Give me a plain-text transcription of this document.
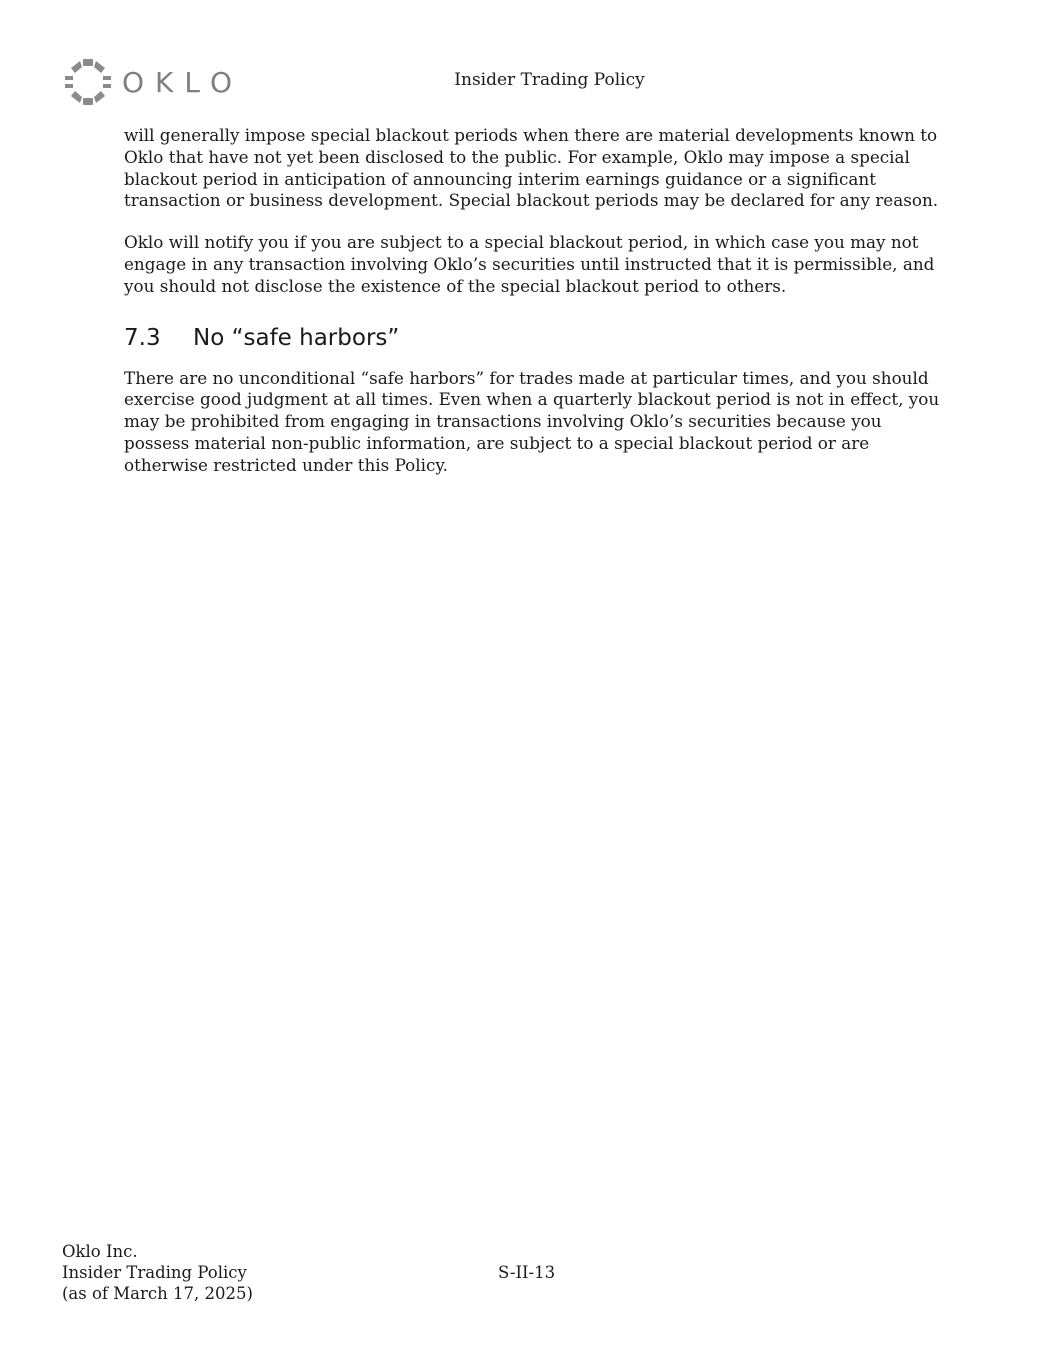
OKLO	Insider Trading Policy

will generally impose special blackout periods when there are material developments known to Oklo that have not yet been disclosed to the public. For example, Oklo may impose a special blackout period in anticipation of announcing interim earnings guidance or a significant transaction or business development. Special blackout periods may be declared for any reason.

Oklo will notify you if you are subject to a special blackout period, in which case you may not engage in any transaction involving Oklo’s securities until instructed that it is permissible, and you should not disclose the existence of the special blackout period to others.

7.3	No “safe harbors”

There are no unconditional “safe harbors” for trades made at particular times, and you should exercise good judgment at all times. Even when a quarterly blackout period is not in effect, you may be prohibited from engaging in transactions involving Oklo’s securities because you possess material non-public information, are subject to a special blackout period or are otherwise restricted under this Policy.

Oklo Inc.
Insider Trading Policy
(as of March 17, 2025)
S-II-13
